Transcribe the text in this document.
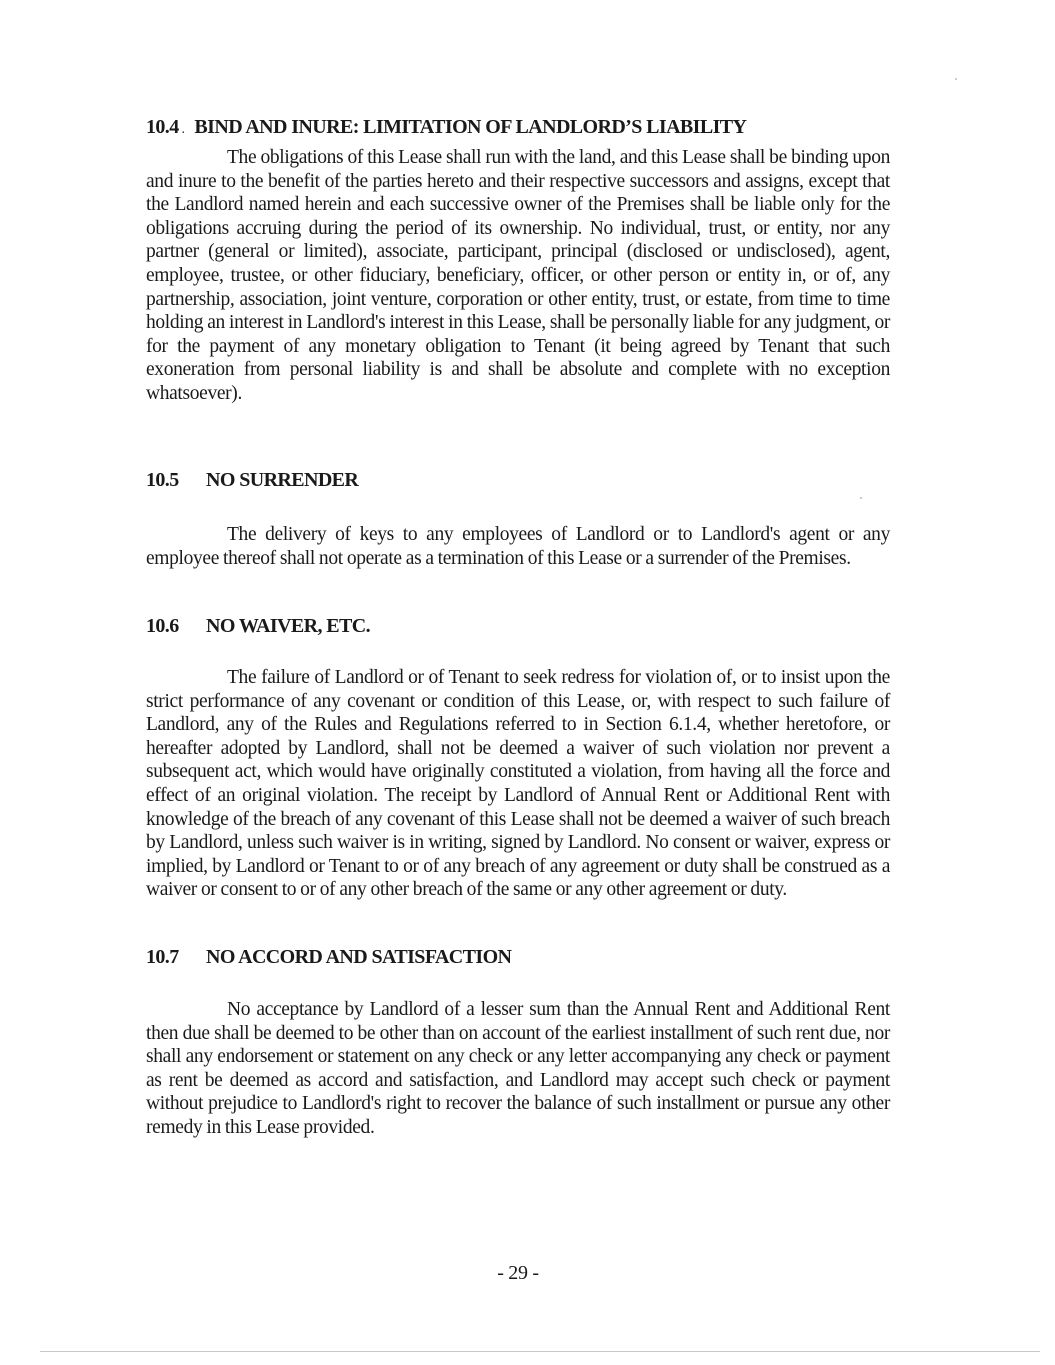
10.4 . BIND AND INURE: LIMITATION OF LANDLORD’S LIABILITY

The obligations of this Lease shall run with the land, and this Lease shall be binding upon and inure to the benefit of the parties hereto and their respective successors and assigns, except that the Landlord named herein and each successive owner of the Premises shall be liable only for the obligations accruing during the period of its ownership. No individual, trust, or entity, nor any partner (general or limited), associate, participant, principal (disclosed or undisclosed), agent, employee, trustee, or other fiduciary, beneficiary, officer, or other person or entity in, or of, any partnership, association, joint venture, corporation or other entity, trust, or estate, from time to time holding an interest in Landlord's interest in this Lease, shall be personally liable for any judgment, or for the payment of any monetary obligation to Tenant (it being agreed by Tenant that such exoneration from personal liability is and shall be absolute and complete with no exception whatsoever).

10.5 NO SURRENDER

The delivery of keys to any employees of Landlord or to Landlord's agent or any employee thereof shall not operate as a termination of this Lease or a surrender of the Premises.

10.6 NO WAIVER, ETC.

The failure of Landlord or of Tenant to seek redress for violation of, or to insist upon the strict performance of any covenant or condition of this Lease, or, with respect to such failure of Landlord, any of the Rules and Regulations referred to in Section 6.1.4, whether heretofore, or hereafter adopted by Landlord, shall not be deemed a waiver of such violation nor prevent a subsequent act, which would have originally constituted a violation, from having all the force and effect of an original violation. The receipt by Landlord of Annual Rent or Additional Rent with knowledge of the breach of any covenant of this Lease shall not be deemed a waiver of such breach by Landlord, unless such waiver is in writing, signed by Landlord. No consent or waiver, express or implied, by Landlord or Tenant to or of any breach of any agreement or duty shall be construed as a waiver or consent to or of any other breach of the same or any other agreement or duty.

10.7 NO ACCORD AND SATISFACTION

No acceptance by Landlord of a lesser sum than the Annual Rent and Additional Rent then due shall be deemed to be other than on account of the earliest installment of such rent due, nor shall any endorsement or statement on any check or any letter accompanying any check or payment as rent be deemed as accord and satisfaction, and Landlord may accept such check or payment without prejudice to Landlord's right to recover the balance of such installment or pursue any other remedy in this Lease provided.

- 29 -
